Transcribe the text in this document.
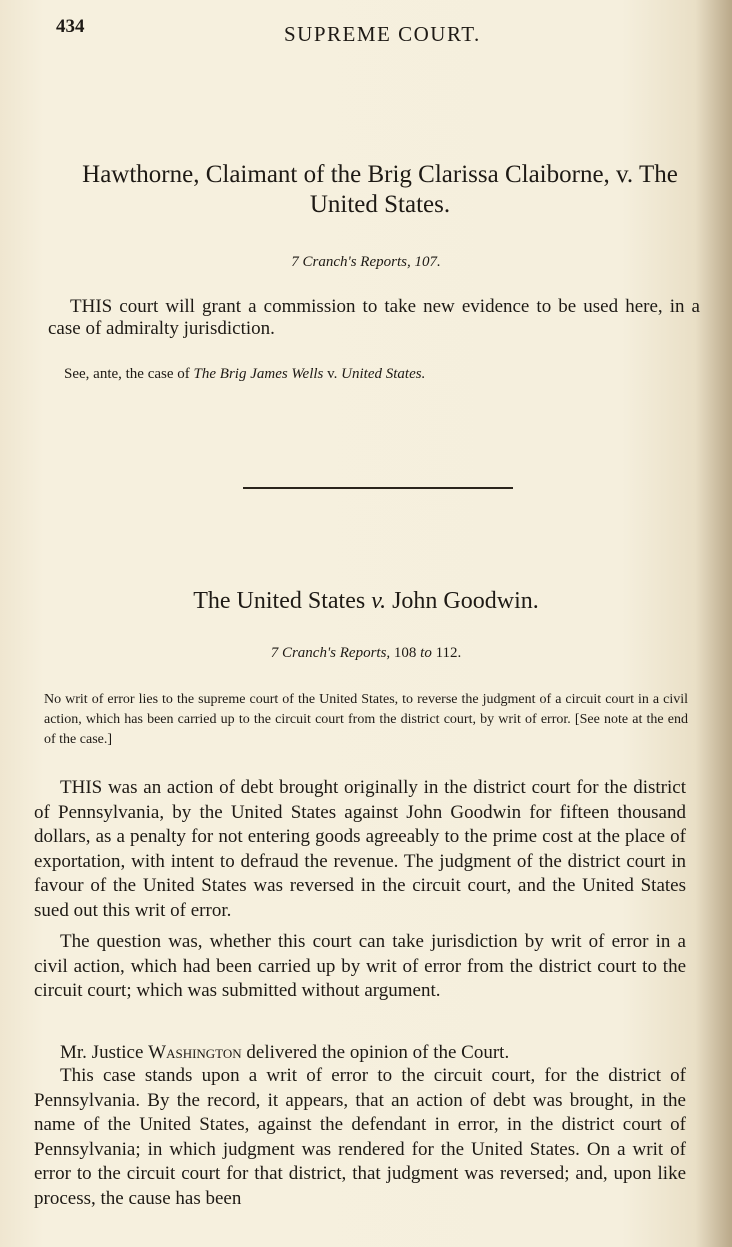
434	SUPREME COURT.
Hawthorne, Claimant of the Brig Clarissa Claiborne, v. The United States.
7 Cranch's Reports, 107.
THIS court will grant a commission to take new evidence to be used here, in a case of admiralty jurisdiction.
See, ante, the case of The Brig James Wells v. United States.
The United States v. John Goodwin.
7 Cranch's Reports, 108 to 112.
No writ of error lies to the supreme court of the United States, to reverse the judgment of a circuit court in a civil action, which has been carried up to the circuit court from the district court, by writ of error. [See note at the end of the case.]

THIS was an action of debt brought originally in the district court for the district of Pennsylvania, by the United States against John Goodwin for fifteen thousand dollars, as a penalty for not entering goods agreeably to the prime cost at the place of exportation, with intent to defraud the revenue. The judgment of the district court in favour of the United States was reversed in the circuit court, and the United States sued out this writ of error.

The question was, whether this court can take jurisdiction by writ of error in a civil action, which had been carried up by writ of error from the district court to the circuit court; which was submitted without argument.

Mr. Justice Washington delivered the opinion of the Court.

This case stands upon a writ of error to the circuit court, for the district of Pennsylvania. By the record, it appears, that an action of debt was brought, in the name of the United States, against the defendant in error, in the district court of Pennsylvania; in which judgment was rendered for the United States. On a writ of error to the circuit court for that district, that judgment was reversed; and, upon like process, the cause has been
